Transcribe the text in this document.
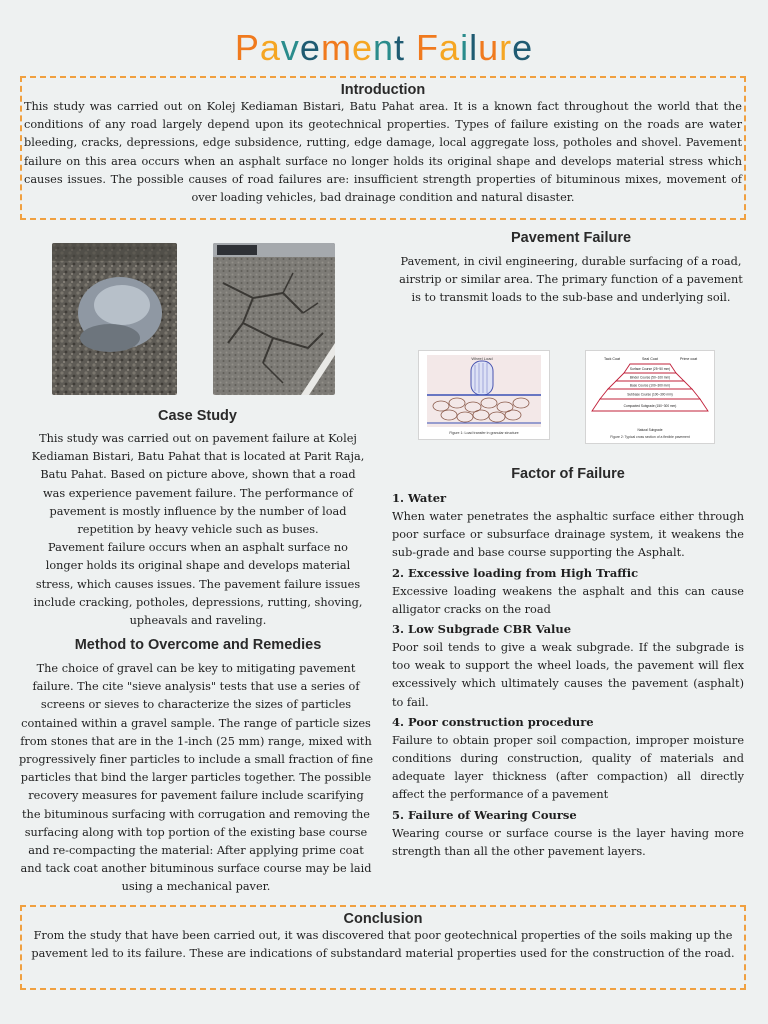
Pavement Failure

Introduction

This study was carried out on Kolej Kediaman Bistari, Batu Pahat area. It is a known fact throughout the world that the conditions of any road largely depend upon its geotechnical properties. Types of failure existing on the roads are water bleeding, cracks, depressions, edge subsidence, rutting, edge damage, local aggregate loss, potholes and shovel. Pavement failure on this area occurs when an asphalt surface no longer holds its original shape and develops material stress which causes issues. The possible causes of road failures are: insufficient strength properties of bituminous mixes, movement of over loading vehicles, bad drainage condition and natural disaster.

Case Study

This study was carried out on pavement failure at Kolej Kediaman Bistari, Batu Pahat that is located at Parit Raja, Batu Pahat. Based on picture above, shown that a road was experience pavement failure. The performance of pavement is mostly influence by the number of load repetition by heavy vehicle such as buses.

Pavement failure occurs when an asphalt surface no longer holds its original shape and develops material stress, which causes issues. The pavement failure issues include cracking, potholes, depressions, rutting, shoving, upheavals and raveling.

Method to Overcome and Remedies

The choice of gravel can be key to mitigating pavement failure. The cite "sieve analysis" tests that use a series of screens or sieves to characterize the sizes of particles contained within a gravel sample. The range of particle sizes from stones that are in the 1-inch (25 mm) range, mixed with progressively finer particles to include a small fraction of fine particles that bind the larger particles together. The possible recovery measures for pavement failure include scarifying the bituminous surfacing with corrugation and removing the surfacing along with top portion of the existing base course and re-compacting the material: After applying prime coat and tack coat another bituminous surface course may be laid using a mechanical paver.

Pavement Failure

Pavement, in civil engineering, durable surfacing of a road, airstrip or similar area. The primary function of a pavement is to transmit loads to the sub-base and underlying soil.

Wheel Load
Figure 1: Load transfer in granular structure
Tack Coat	Seal Coat	Prime coat
Surface Course (25~50 mm)
Binder Course (50~100 mm)
Base Course (100~300 mm)
Subbase Course (100~300 mm)
Compacted Subgrade (150~300 mm)
Natural Subgrade
Figure 2: Typical cross section of a flexible pavement
Factor of Failure

1. Water

When water penetrates the asphaltic surface either through poor surface or subsurface drainage system, it weakens the sub-grade and base course supporting the Asphalt.

2. Excessive loading from High Traffic

Excessive loading weakens the asphalt and this can cause alligator cracks on the road

3. Low Subgrade CBR Value

Poor soil tends to give a weak subgrade. If the subgrade is too weak to support the wheel loads, the pavement will flex excessively which ultimately causes the pavement (asphalt) to fail.

4. Poor construction procedure

Failure to obtain proper soil compaction, improper moisture conditions during construction, quality of materials and adequate layer thickness (after compaction) all directly affect the performance of a pavement

5. Failure of Wearing Course

Wearing course or surface course is the layer having more strength than all the other pavement layers.

Conclusion

From the study that have been carried out, it was discovered that poor geotechnical properties of the soils making up the pavement led to its failure. These are indications of substandard material properties used for the construction of the road.
